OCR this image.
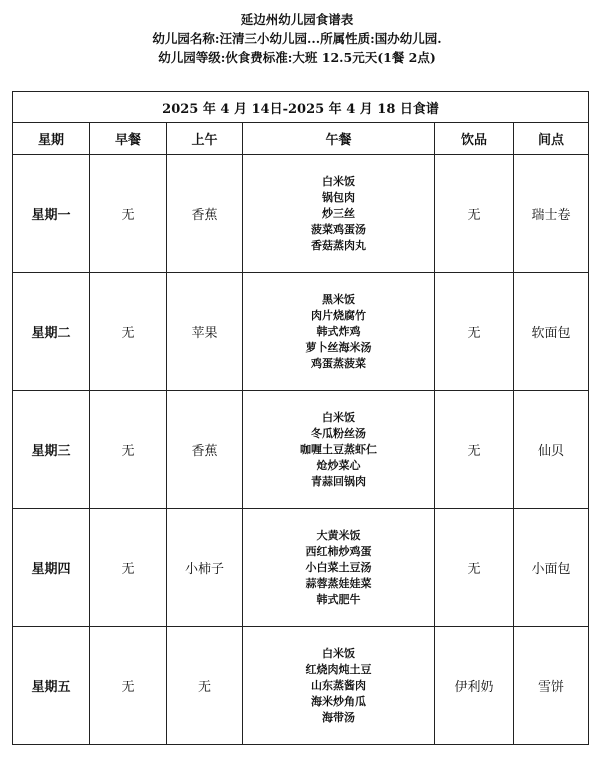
延边州幼儿园食谱表
幼儿园名称:汪清三小幼儿园...所属性质:国办幼儿园.
幼儿园等级:伙食费标准:大班 12.5元天(1餐 2点)
2025 年 4 月 14日-2025 年 4 月 18 日食谱					
星期	早餐	上午	午餐	饮品	间点
星期一	无	香蕉	白米饭
锅包肉
炒三丝
菠菜鸡蛋汤
香菇蒸肉丸	无	瑞士卷
星期二	无	苹果	黑米饭
肉片烧腐竹
韩式炸鸡
萝卜丝海米汤
鸡蛋蒸菠菜	无	软面包
星期三	无	香蕉	白米饭
冬瓜粉丝汤
咖喱土豆蒸虾仁
炝炒菜心
青蒜回锅肉	无	仙贝
星期四	无	小柿子	大黄米饭
西红柿炒鸡蛋
小白菜土豆汤
蒜蓉蒸娃娃菜
韩式肥牛	无	小面包
星期五	无	无	白米饭
红烧肉炖土豆
山东蒸酱肉
海米炒角瓜
海带汤	伊利奶	雪饼
